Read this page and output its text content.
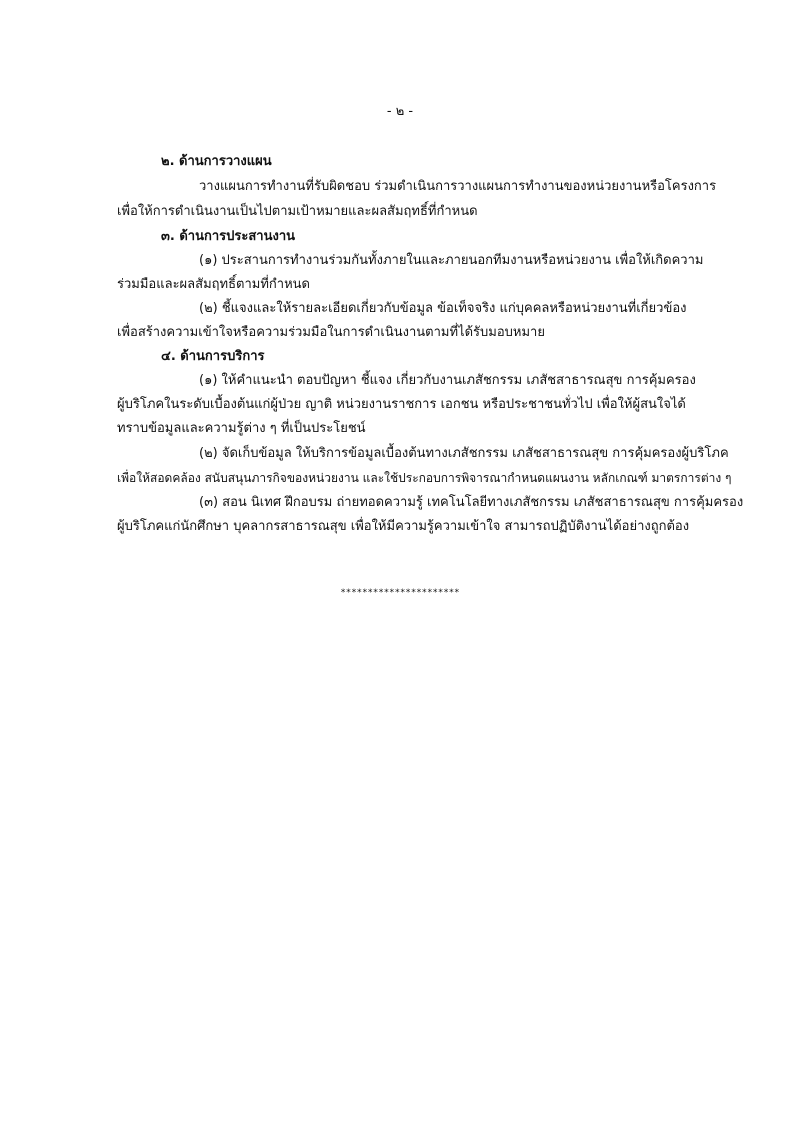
- ๒ -
๒. ด้านการวางแผน
วางแผนการทำงานที่รับผิดชอบ ร่วมดำเนินการวางแผนการทำงานของหน่วยงานหรือโครงการ
เพื่อให้การดำเนินงานเป็นไปตามเป้าหมายและผลสัมฤทธิ์ที่กำหนด
๓. ด้านการประสานงาน
(๑) ประสานการทำงานร่วมกันทั้งภายในและภายนอกทีมงานหรือหน่วยงาน เพื่อให้เกิดความ
ร่วมมือและผลสัมฤทธิ์ตามที่กำหนด
(๒) ชี้แจงและให้รายละเอียดเกี่ยวกับข้อมูล ข้อเท็จจริง แก่บุคคลหรือหน่วยงานที่เกี่ยวข้อง
เพื่อสร้างความเข้าใจหรือความร่วมมือในการดำเนินงานตามที่ได้รับมอบหมาย
๔. ด้านการบริการ
(๑) ให้คำแนะนำ ตอบปัญหา ชี้แจง เกี่ยวกับงานเภสัชกรรม เภสัชสาธารณสุข การคุ้มครอง
ผู้บริโภคในระดับเบื้องต้นแก่ผู้ป่วย ญาติ หน่วยงานราชการ เอกชน หรือประชาชนทั่วไป เพื่อให้ผู้สนใจได้
ทราบข้อมูลและความรู้ต่าง ๆ ที่เป็นประโยชน์
(๒) จัดเก็บข้อมูล ให้บริการข้อมูลเบื้องต้นทางเภสัชกรรม เภสัชสาธารณสุข การคุ้มครองผู้บริโภค
เพื่อให้สอดคล้อง สนับสนุนภารกิจของหน่วยงาน และใช้ประกอบการพิจารณากำหนดแผนงาน หลักเกณฑ์ มาตรการต่าง ๆ
(๓) สอน นิเทศ ฝึกอบรม ถ่ายทอดความรู้ เทคโนโลยีทางเภสัชกรรม เภสัชสาธารณสุข การคุ้มครอง
ผู้บริโภคแก่นักศึกษา บุคลากรสาธารณสุข เพื่อให้มีความรู้ความเข้าใจ สามารถปฏิบัติงานได้อย่างถูกต้อง
**********************
